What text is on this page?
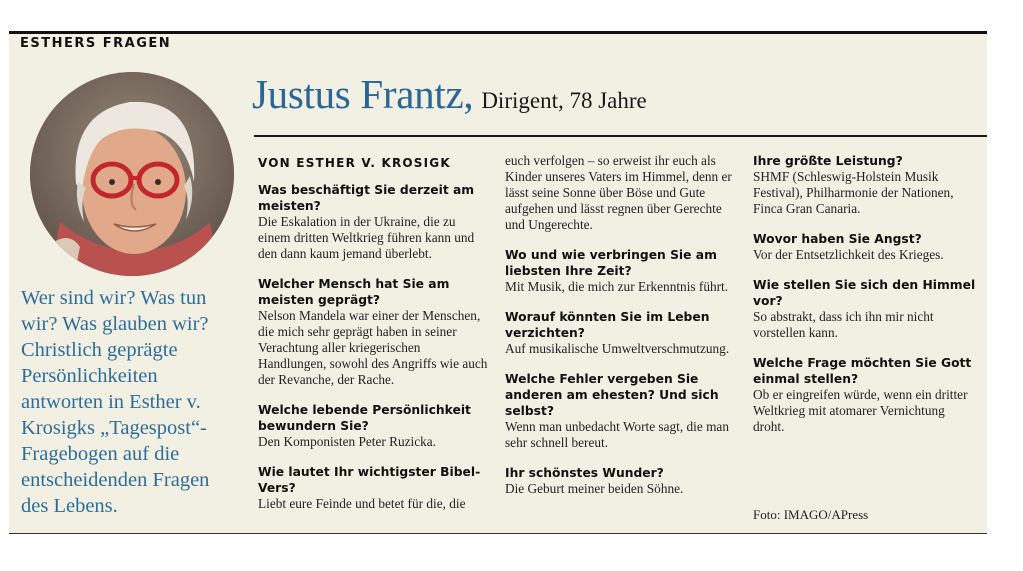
ESTHERS FRAGEN
Wer sind wir? Was tun wir? Was glauben wir? Christlich geprägte Persönlichkeiten antworten in Esther v. Krosigks „Tagespost“-Fragebogen auf die entscheidenden Fragen des Lebens.
Justus Frantz, Dirigent, 78 Jahre
VON ESTHER V. KROSIGK
Was beschäftigt Sie derzeit am meisten?
Die Eskalation in der Ukraine, die zu einem dritten Weltkrieg führen kann und den dann kaum jemand überlebt.
Welcher Mensch hat Sie am meisten geprägt?
Nelson Mandela war einer der Menschen, die mich sehr geprägt haben in seiner Verachtung aller kriegerischen Handlungen, sowohl des Angriffs wie auch der Revanche, der Rache.
Welche lebende Persönlichkeit bewundern Sie?
Den Komponisten Peter Ruzicka.
Wie lautet Ihr wichtigster Bibel-Vers?
Liebt eure Feinde und betet für die, die
euch verfolgen – so erweist ihr euch als Kinder unseres Vaters im Himmel, denn er lässt seine Sonne über Böse und Gute aufgehen und lässt regnen über Gerechte und Ungerechte.
Wo und wie verbringen Sie am liebsten Ihre Zeit?
Mit Musik, die mich zur Erkenntnis führt.
Worauf könnten Sie im Leben verzichten?
Auf musikalische Umweltverschmutzung.
Welche Fehler vergeben Sie anderen am ehesten? Und sich selbst?
Wenn man unbedacht Worte sagt, die man sehr schnell bereut.
Ihr schönstes Wunder?
Die Geburt meiner beiden Söhne.
Ihre größte Leistung?
SHMF (Schleswig-Holstein Musik Festival), Philharmonie der Nationen, Finca Gran Canaria.
Wovor haben Sie Angst?
Vor der Entsetzlichkeit des Krieges.
Wie stellen Sie sich den Himmel vor?
So abstrakt, dass ich ihn mir nicht vorstellen kann.
Welche Frage möchten Sie Gott einmal stellen?
Ob er eingreifen würde, wenn ein dritter Weltkrieg mit atomarer Vernichtung droht.
Foto: IMAGO/APress
